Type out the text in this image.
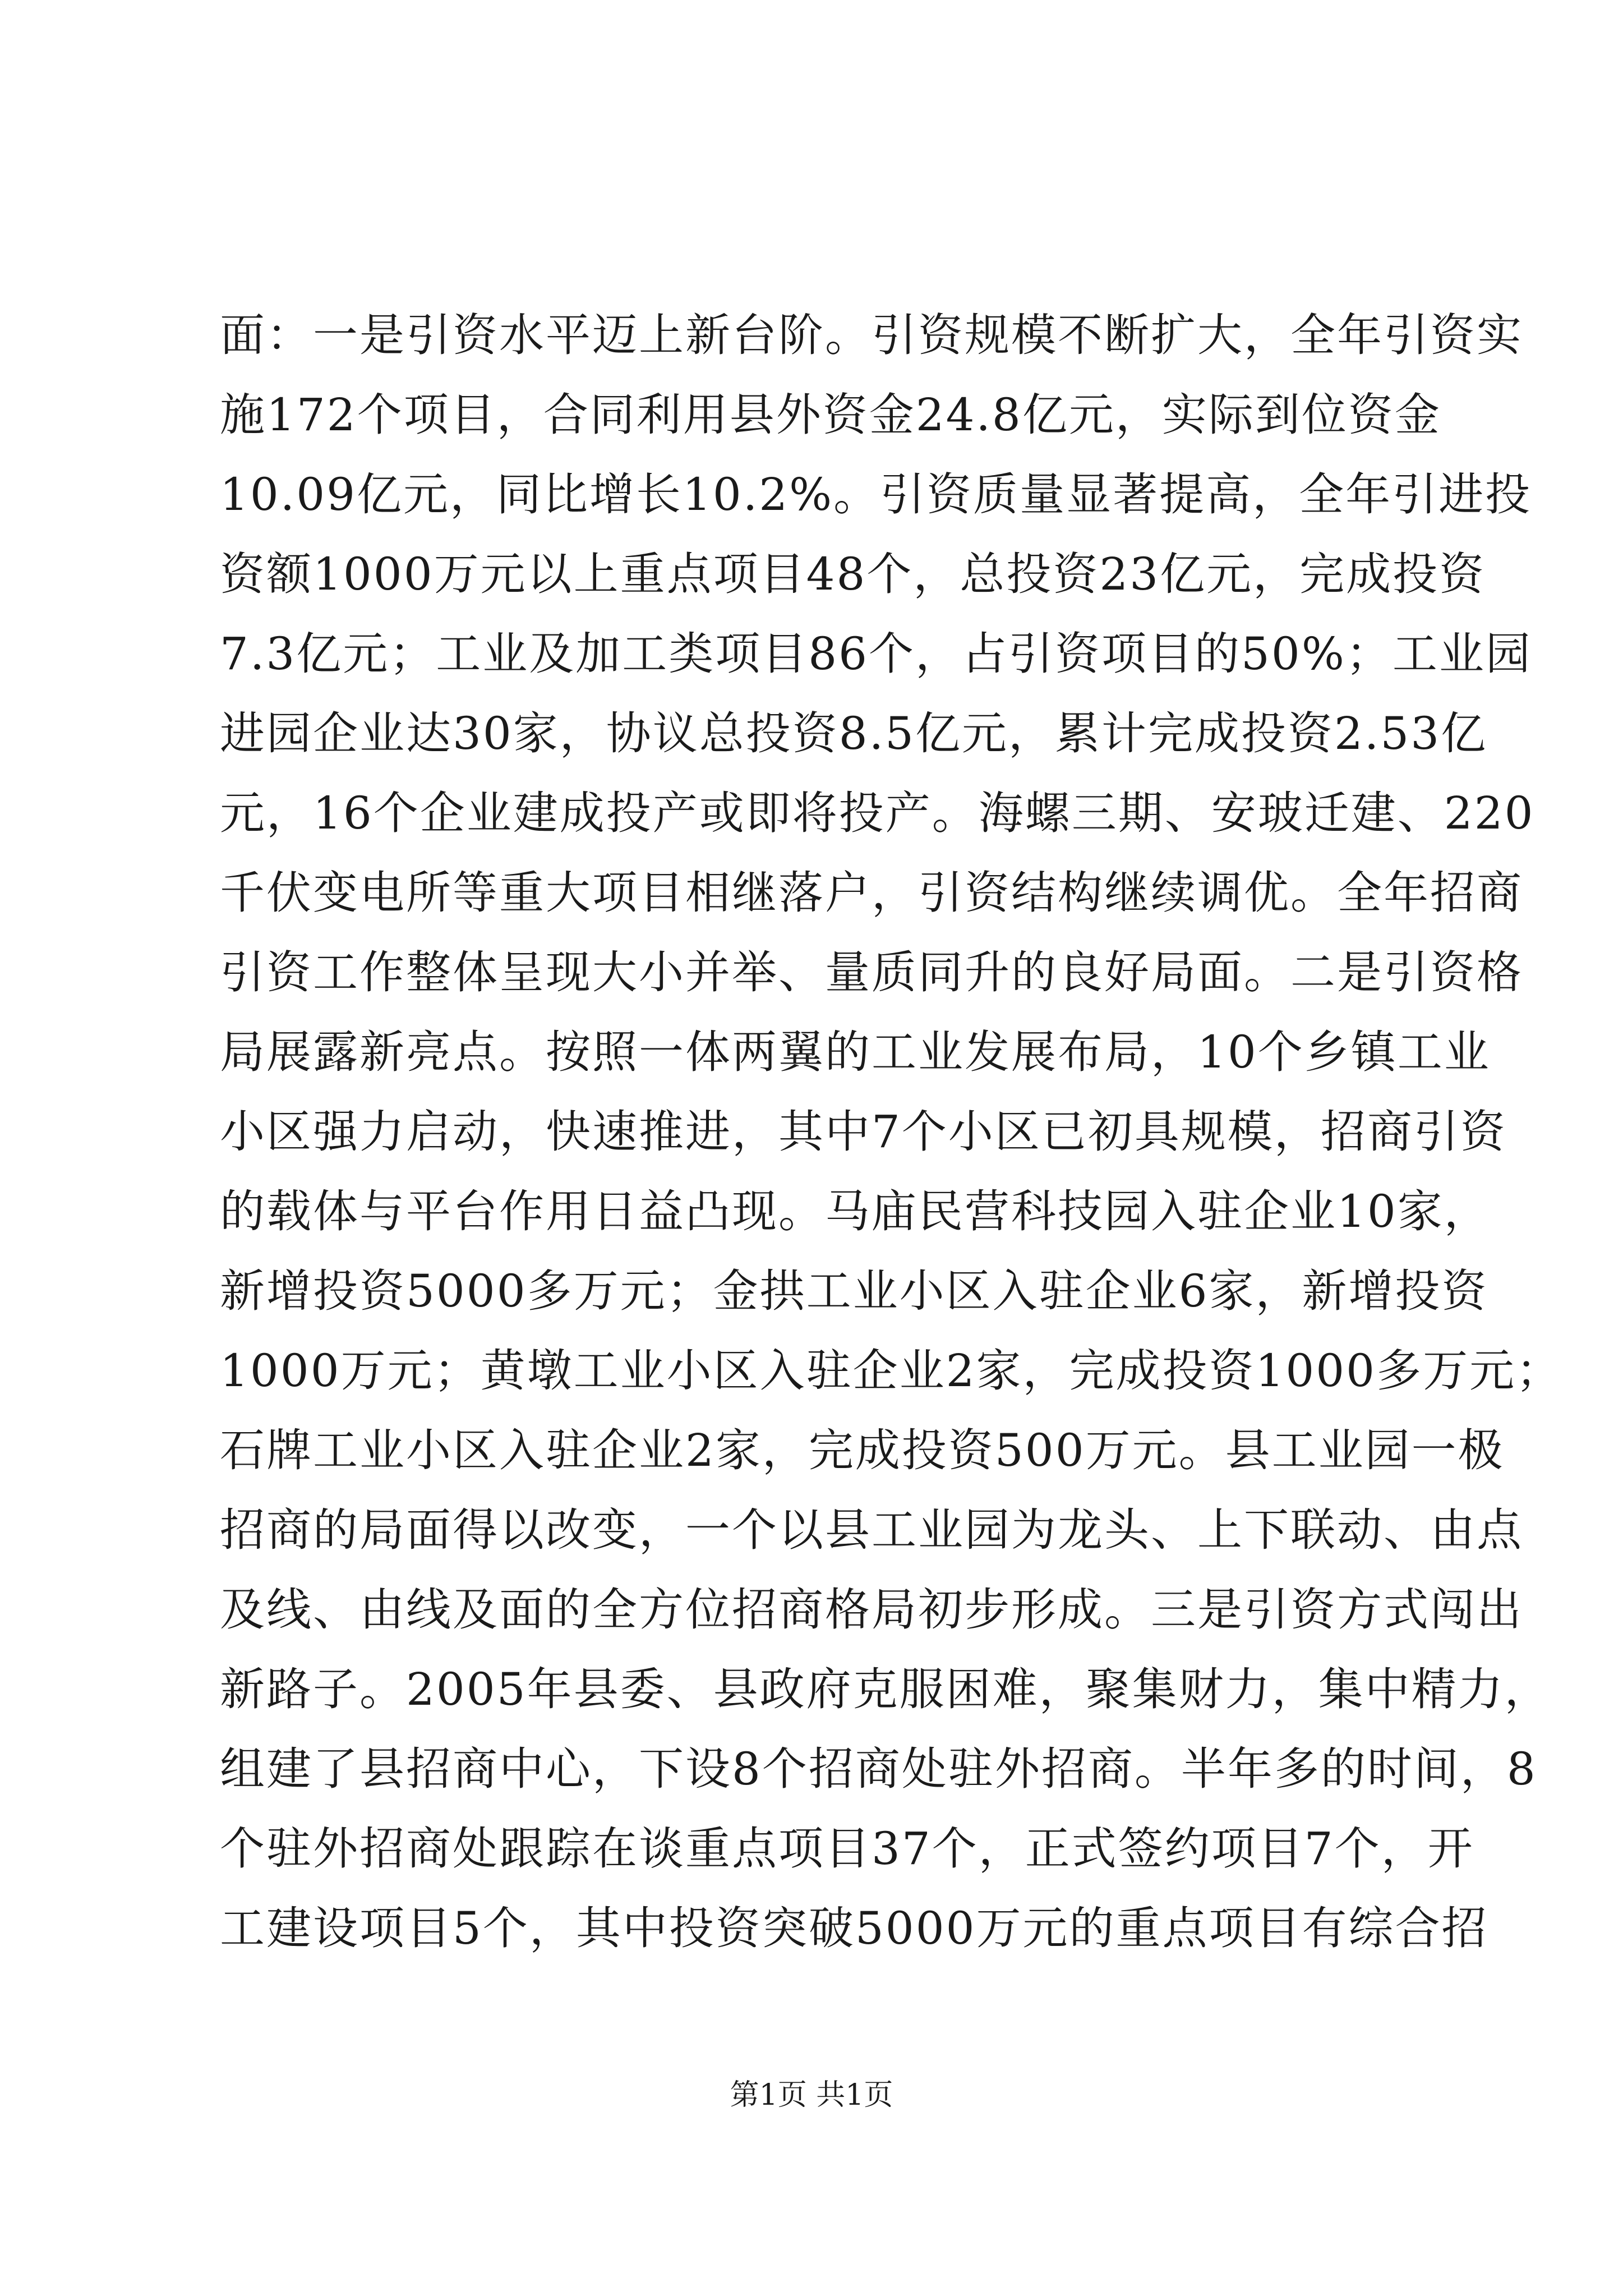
面：一是引资水平迈上新台阶。引资规模不断扩大，全年引资实
施172个项目，合同利用县外资金24.8亿元，实际到位资金
10.09亿元，同比增长10.2%。引资质量显著提高，全年引进投
资额1000万元以上重点项目48个，总投资23亿元，完成投资
7.3亿元；工业及加工类项目86个，占引资项目的50%；工业园
进园企业达30家，协议总投资8.5亿元，累计完成投资2.53亿
元，16个企业建成投产或即将投产。海螺三期、安玻迁建、220
千伏变电所等重大项目相继落户，引资结构继续调优。全年招商
引资工作整体呈现大小并举、量质同升的良好局面。二是引资格
局展露新亮点。按照一体两翼的工业发展布局，10个乡镇工业
小区强力启动，快速推进，其中7个小区已初具规模，招商引资
的载体与平台作用日益凸现。马庙民营科技园入驻企业10家，
新增投资5000多万元；金拱工业小区入驻企业6家，新增投资
1000万元；黄墩工业小区入驻企业2家，完成投资1000多万元；
石牌工业小区入驻企业2家，完成投资500万元。县工业园一极
招商的局面得以改变，一个以县工业园为龙头、上下联动、由点
及线、由线及面的全方位招商格局初步形成。三是引资方式闯出
新路子。2005年县委、县政府克服困难，聚集财力，集中精力，
组建了县招商中心，下设8个招商处驻外招商。半年多的时间，8
个驻外招商处跟踪在谈重点项目37个，正式签约项目7个，开
工建设项目5个，其中投资突破5000万元的重点项目有综合招
第1页 共1页
